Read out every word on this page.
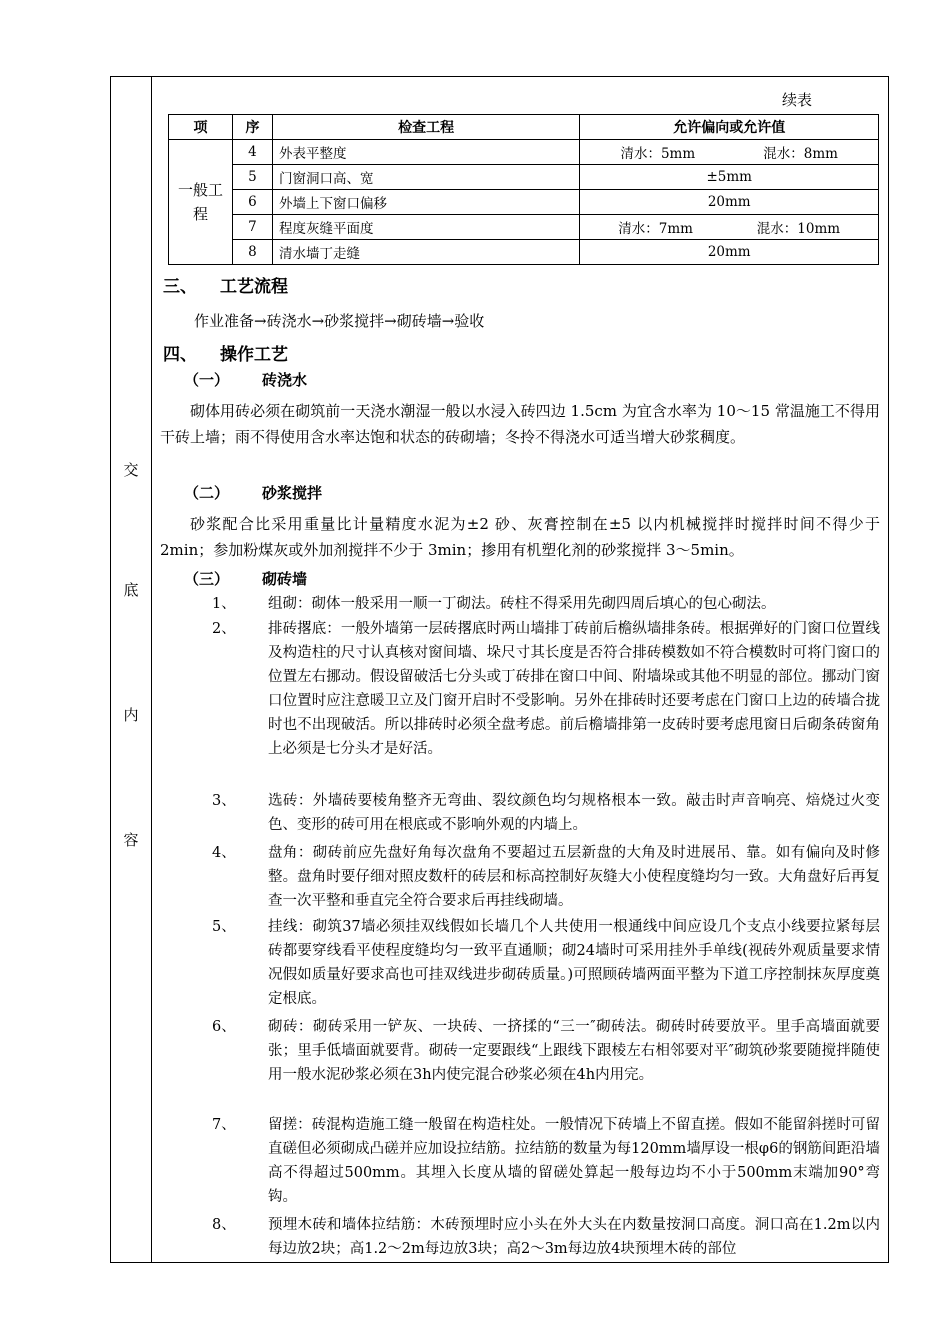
交
底
内
容
续表
项	序	检查工程	允许偏向或允许值

一般工程	4	外表平整度	清水：5mm 混水：8mm

	5	门窗洞口高、宽	±5mm
	6	外墙上下窗口偏移	20mm
	7	程度灰缝平面度	清水：7mm 混水：10mm

	8	清水墙丁走缝	20mm
三、 工艺流程
作业准备→砖浇水→砂浆搅拌→砌砖墙→验收
四、 操作工艺
（一） 砖浇水
砌体用砖必须在砌筑前一天浇水潮湿一般以水浸入砖四边 1.5cm 为宜含水率为 10～15 常温施工不得用干砖上墙；雨不得使用含水率达饱和状态的砖砌墙；冬拎不得浇水可适当增大砂浆稠度。
（二） 砂浆搅拌
砂浆配合比采用重量比计量精度水泥为±2 砂、灰膏控制在±5 以内机械搅拌时搅拌时间不得少于 2min；参加粉煤灰或外加剂搅拌不少于 3min；掺用有机塑化剂的砂浆搅拌 3～5min。
（三） 砌砖墙
1、 组砌：砌体一般采用一顺一丁砌法。砖柱不得采用先砌四周后填心的包心砌法。
2、 排砖撂底：一般外墙第一层砖撂底时两山墙排丁砖前后檐纵墙排条砖。根据弹好的门窗口位置线及构造柱的尺寸认真核对窗间墙、垛尺寸其长度是否符合排砖模数如不符合模数时可将门窗口的位置左右挪动。假设留破活七分头或丁砖排在窗口中间、附墙垛或其他不明显的部位。挪动门窗口位置时应注意暖卫立及门窗开启时不受影响。另外在排砖时还要考虑在门窗口上边的砖墙合拢时也不出现破活。所以排砖时必须全盘考虑。前后檐墙排第一皮砖时要考虑甩窗日后砌条砖窗角上必须是七分头才是好活。
3、 选砖：外墙砖要棱角整齐无弯曲、裂纹颜色均匀规格根本一致。敲击时声音响亮、焙烧过火变色、变形的砖可用在根底或不影响外观的内墙上。
4、 盘角：砌砖前应先盘好角每次盘角不要超过五层新盘的大角及时进展吊、靠。如有偏向及时修整。盘角时要仔细对照皮数杆的砖层和标高控制好灰缝大小使程度缝均匀一致。大角盘好后再复查一次平整和垂直完全符合要求后再挂线砌墙。
5、 挂线：砌筑37墙必须挂双线假如长墙几个人共使用一根通线中间应设几个支点小线要拉紧每层砖都要穿线看平使程度缝均匀一致平直通顺；砌24墙时可采用挂外手单线(视砖外观质量要求情况假如质量好要求高也可挂双线进步砌砖质量。)可照顾砖墙两面平整为下道工序控制抹灰厚度奠定根底。
6、 砌砖：砌砖采用一铲灰、一块砖、一挤揉的“三一″砌砖法。砌砖时砖要放平。里手高墙面就要张；里手低墙面就要背。砌砖一定要跟线“上跟线下跟棱左右相邻要对平″砌筑砂浆要随搅拌随使用一般水泥砂浆必须在3h内使完混合砂浆必须在4h内用完。
7、 留搓：砖混构造施工缝一般留在构造柱处。一般情况下砖墙上不留直搓。假如不能留斜搓时可留直磋但必须砌成凸磋并应加设拉结筋。拉结筋的数量为每120mm墙厚设一根φ6的钢筋间距沿墙高不得超过500mm。其埋入长度从墙的留磋处算起一般每边均不小于500mm末端加90°弯钩。
8、 预埋木砖和墙体拉结筋：木砖预埋时应小头在外大头在内数量按洞口高度。洞口高在1.2m以内每边放2块；高1.2～2m每边放3块；高2～3m每边放4块预埋木砖的部位
